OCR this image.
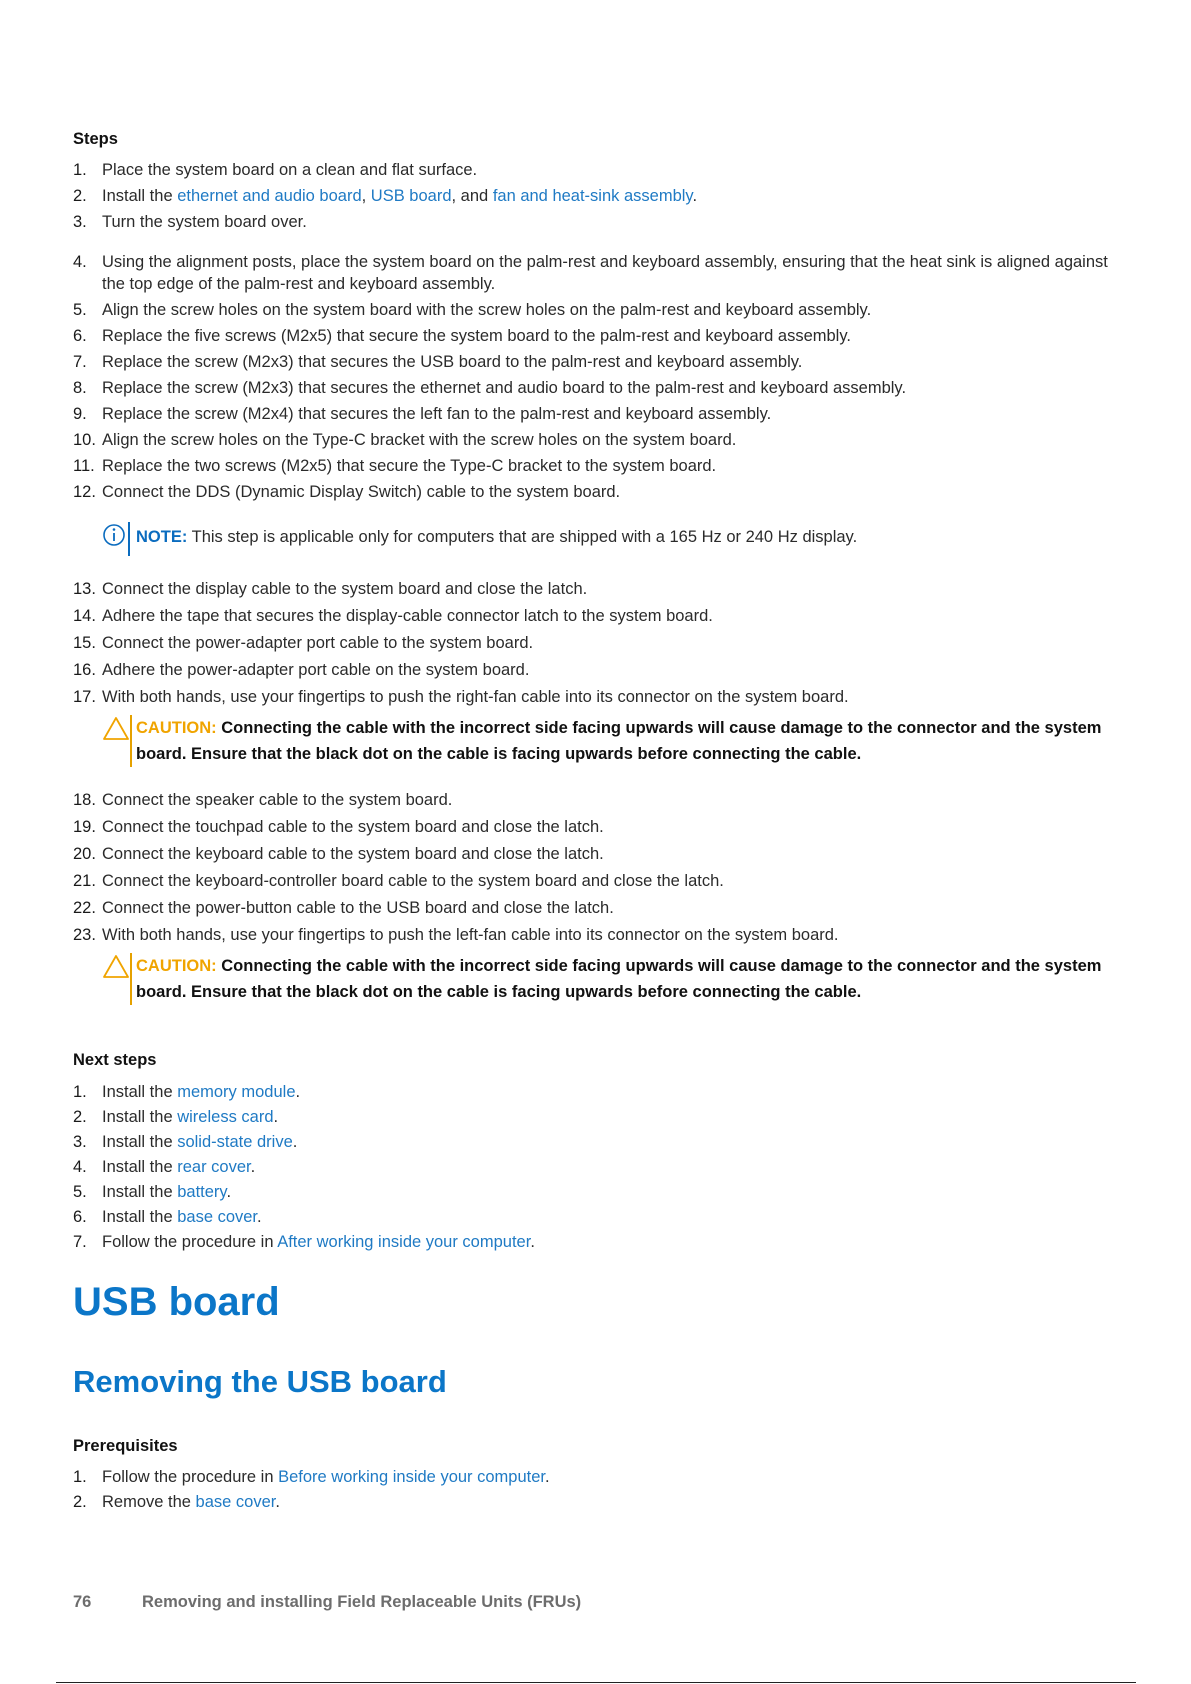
Steps
1. Place the system board on a clean and flat surface.
2. Install the ethernet and audio board, USB board, and fan and heat-sink assembly.
3. Turn the system board over.
4. Using the alignment posts, place the system board on the palm-rest and keyboard assembly, ensuring that the heat sink is aligned against the top edge of the palm-rest and keyboard assembly.
5. Align the screw holes on the system board with the screw holes on the palm-rest and keyboard assembly.
6. Replace the five screws (M2x5) that secure the system board to the palm-rest and keyboard assembly.
7. Replace the screw (M2x3) that secures the USB board to the palm-rest and keyboard assembly.
8. Replace the screw (M2x3) that secures the ethernet and audio board to the palm-rest and keyboard assembly.
9. Replace the screw (M2x4) that secures the left fan to the palm-rest and keyboard assembly.
10. Align the screw holes on the Type-C bracket with the screw holes on the system board.
11. Replace the two screws (M2x5) that secure the Type-C bracket to the system board.
12. Connect the DDS (Dynamic Display Switch) cable to the system board.
NOTE: This step is applicable only for computers that are shipped with a 165 Hz or 240 Hz display.
13. Connect the display cable to the system board and close the latch.
14. Adhere the tape that secures the display-cable connector latch to the system board.
15. Connect the power-adapter port cable to the system board.
16. Adhere the power-adapter port cable on the system board.
17. With both hands, use your fingertips to push the right-fan cable into its connector on the system board.
CAUTION: Connecting the cable with the incorrect side facing upwards will cause damage to the connector and the system board. Ensure that the black dot on the cable is facing upwards before connecting the cable.
18. Connect the speaker cable to the system board.
19. Connect the touchpad cable to the system board and close the latch.
20. Connect the keyboard cable to the system board and close the latch.
21. Connect the keyboard-controller board cable to the system board and close the latch.
22. Connect the power-button cable to the USB board and close the latch.
23. With both hands, use your fingertips to push the left-fan cable into its connector on the system board.
CAUTION: Connecting the cable with the incorrect side facing upwards will cause damage to the connector and the system board. Ensure that the black dot on the cable is facing upwards before connecting the cable.
Next steps
1. Install the memory module.
2. Install the wireless card.
3. Install the solid-state drive.
4. Install the rear cover.
5. Install the battery.
6. Install the base cover.
7. Follow the procedure in After working inside your computer.
USB board
Removing the USB board
Prerequisites
1. Follow the procedure in Before working inside your computer.
2. Remove the base cover.
76	Removing and installing Field Replaceable Units (FRUs)
